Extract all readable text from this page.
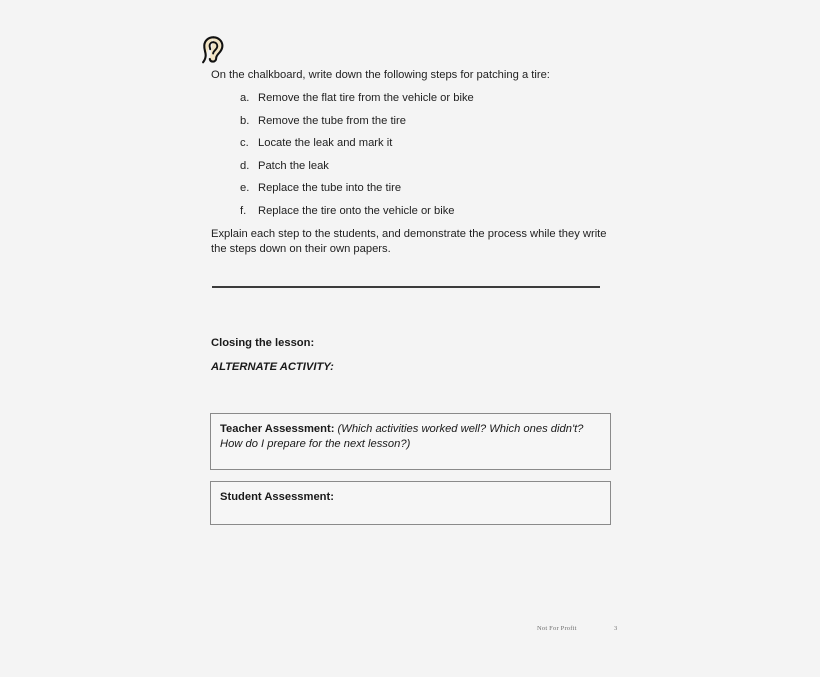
On the chalkboard, write down the following steps for patching a tire:
a. Remove the flat tire from the vehicle or bike
b. Remove the tube from the tire
c. Locate the leak and mark it
d. Patch the leak
e. Replace the tube into the tire
f.	Replace the tire onto the vehicle or bike
Explain each step to the students, and demonstrate the process while they write the steps down on their own papers.
Closing the lesson:
ALTERNATE ACTIVITY:
Teacher Assessment: (Which activities worked well? Which ones didn't? How do I prepare for the next lesson?)
Student Assessment:
Not For Profit	3
